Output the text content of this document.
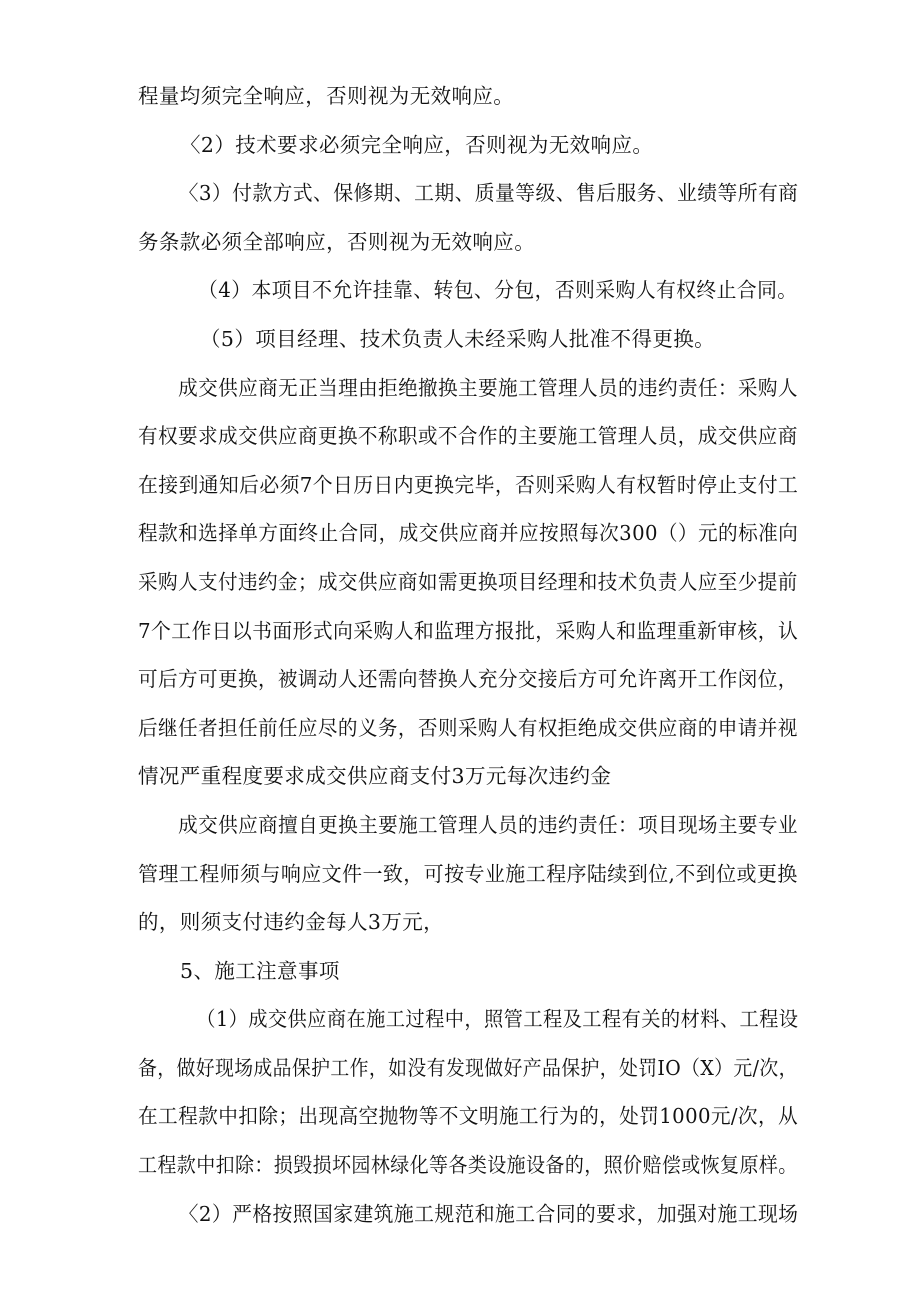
程量均须完全响应，否则视为无效响应。
〈2）技术要求必须完全响应，否则视为无效响应。
〈3）付款方式、保修期、工期、质量等级、售后服务、业绩等所有商
务条款必须全部响应，否则视为无效响应。
（4）本项目不允许挂靠、转包、分包，否则采购人有权终止合同。
（5）项目经理、技术负责人未经采购人批准不得更换。
成交供应商无正当理由拒绝撤换主要施工管理人员的违约责任：采购人
有权要求成交供应商更换不称职或不合作的主要施工管理人员，成交供应商
在接到通知后必须7个日历日内更换完毕，否则采购人有权暂时停止支付工
程款和选择单方面终止合同，成交供应商并应按照每次300（）元的标准向
采购人支付违约金；成交供应商如需更换项目经理和技术负责人应至少提前
7个工作日以书面形式向采购人和监理方报批，采购人和监理重新审核，认
可后方可更换，被调动人还需向替换人充分交接后方可允许离开工作闵位，
后继任者担任前任应尽的义务，否则采购人有权拒绝成交供应商的申请并视
情况严重程度要求成交供应商支付3万元每次违约金
成交供应商擅自更换主要施工管理人员的违约责任：项目现场主要专业
管理工程师须与响应文件一致，可按专业施工程序陆续到位,不到位或更换
的，则须支付违约金每人3万元，
5、施工注意事项
（1）成交供应商在施工过程中，照管工程及工程有关的材料、工程设
备，做好现场成品保护工作，如没有发现做好产品保护，处罚IO（X）元/次，
在工程款中扣除；出现高空抛物等不文明施工行为的，处罚1000元/次，从
工程款中扣除：损毁损坏园林绿化等各类设施设备的，照价赔偿或恢复原样。
〈2）严格按照国家建筑施工规范和施工合同的要求，加强对施工现场
